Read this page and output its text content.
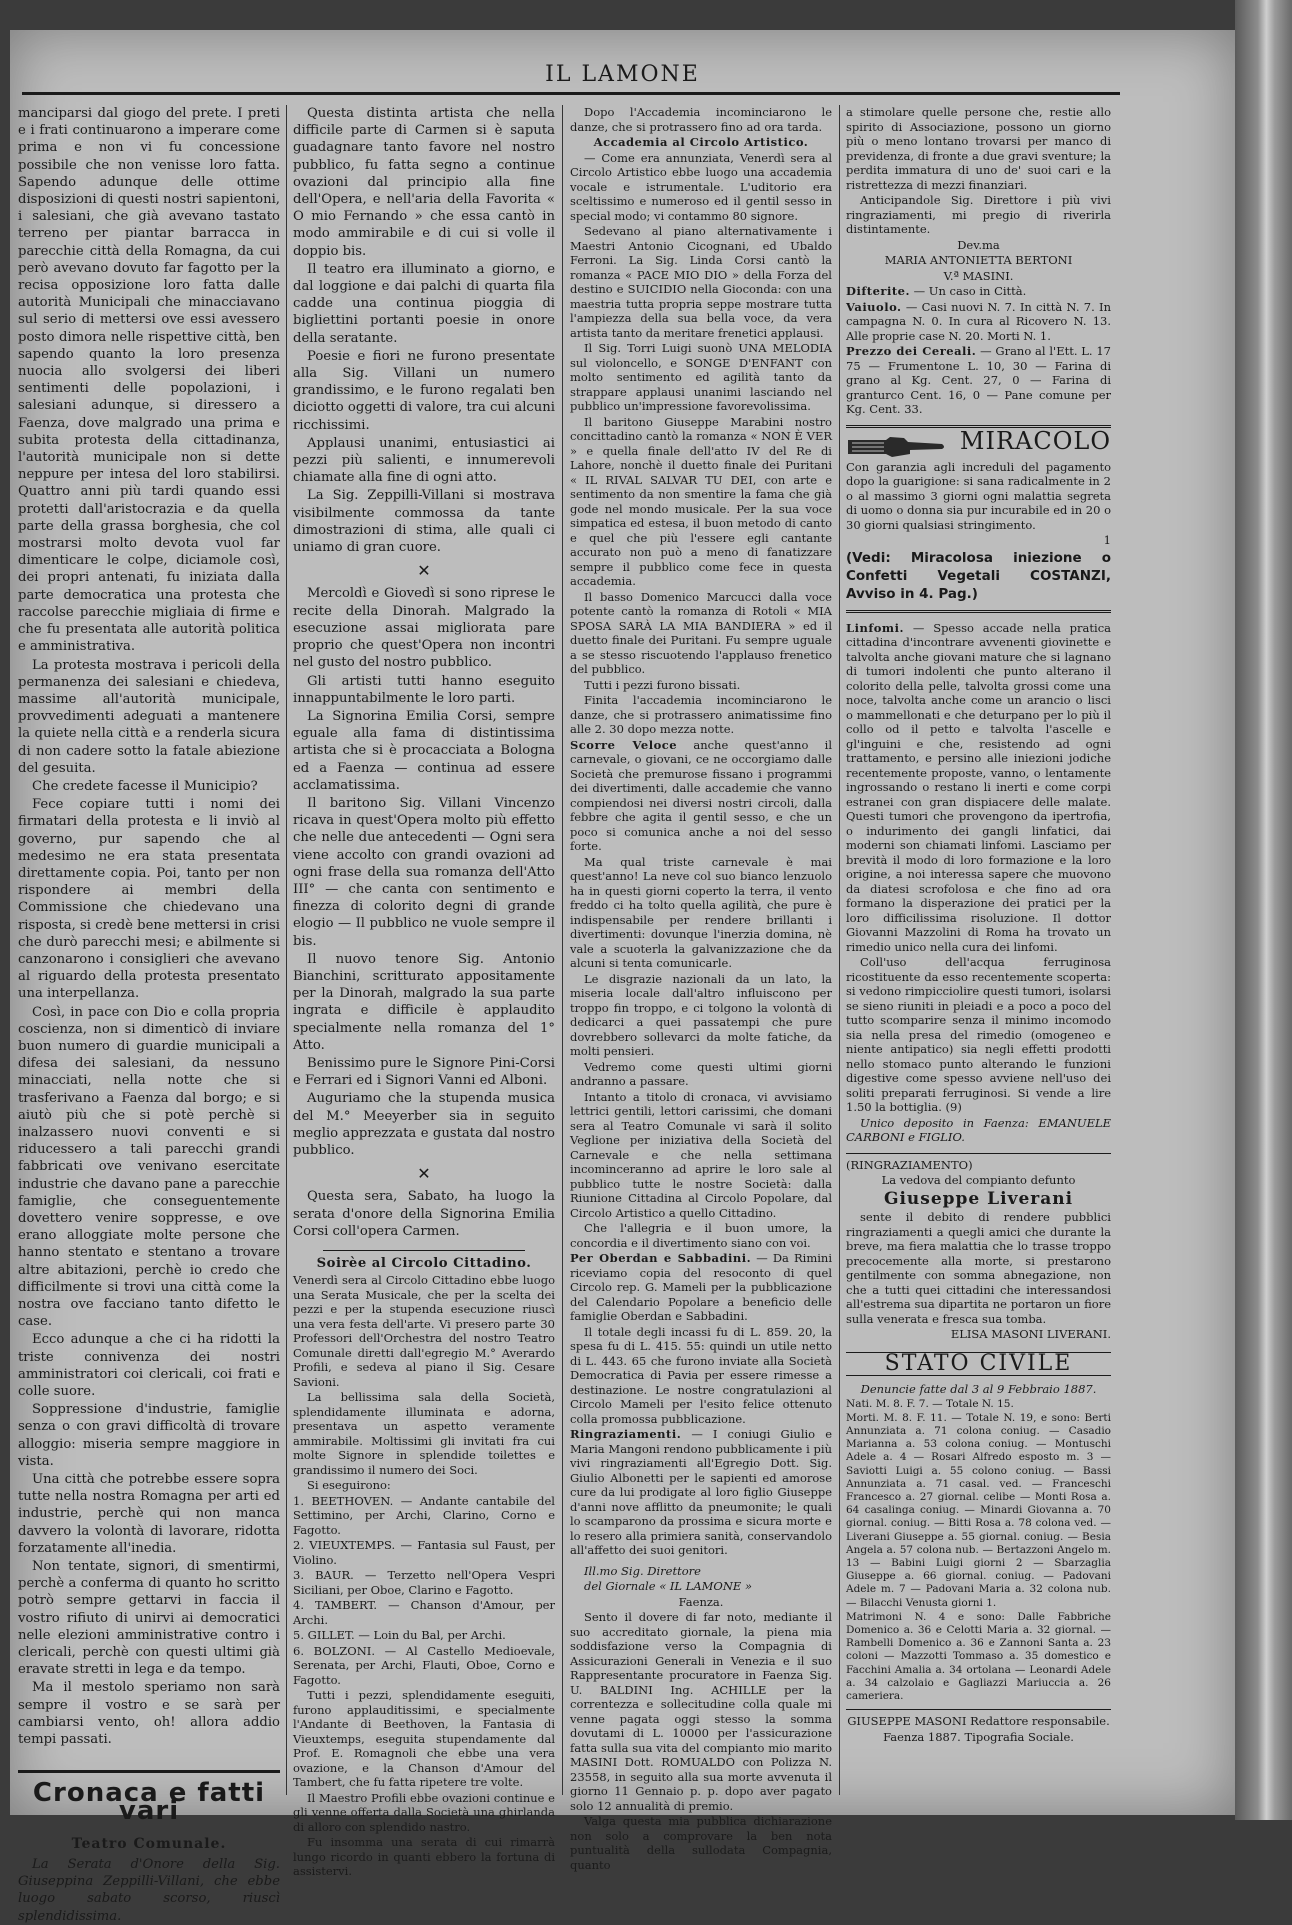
IL LAMONE

manciparsi dal giogo del prete. I preti e i frati continuarono a imperare come prima e non vi fu concessione possibile che non venisse loro fatta. Sapendo adunque delle ottime disposizioni di questi nostri sapientoni, i salesiani, che già avevano tastato terreno per piantar barracca in parecchie città della Romagna, da cui però avevano dovuto far fagotto per la recisa opposizione loro fatta dalle autorità Municipali che minacciavano sul serio di mettersi ove essi avessero posto dimora nelle rispettive città, ben sapendo quanto la loro presenza nuocia allo svolgersi dei liberi sentimenti delle popolazioni, i salesiani adunque, si diressero a Faenza, dove malgrado una prima e subita protesta della cittadinanza, l'autorità municipale non si dette neppure per intesa del loro stabilirsi. Quattro anni più tardi quando essi protetti dall'aristocrazia e da quella parte della grassa borghesia, che col mostrarsi molto devota vuol far dimenticare le colpe, diciamole così, dei propri antenati, fu iniziata dalla parte democratica una protesta che raccolse parecchie migliaia di firme e che fu presentata alle autorità politica e amministrativa.

La protesta mostrava i pericoli della permanenza dei salesiani e chiedeva, massime all'autorità municipale, provvedimenti adeguati a mantenere la quiete nella città e a renderla sicura di non cadere sotto la fatale abiezione del gesuita.

Che credete facesse il Municipio?

Fece copiare tutti i nomi dei firmatari della protesta e li inviò al governo, pur sapendo che al medesimo ne era stata presentata direttamente copia. Poi, tanto per non rispondere ai membri della Commissione che chiedevano una risposta, si credè bene mettersi in crisi che durò parecchi mesi; e abilmente si canzonarono i consiglieri che avevano al riguardo della protesta presentato una interpellanza.

Così, in pace con Dio e colla propria coscienza, non si dimenticò di inviare buon numero di guardie municipali a difesa dei salesiani, da nessuno minacciati, nella notte che si trasferivano a Faenza dal borgo; e si aiutò più che si potè perchè si inalzassero nuovi conventi e si riducessero a tali parecchi grandi fabbricati ove venivano esercitate industrie che davano pane a parecchie famiglie, che conseguentemente dovettero venire soppresse, e ove erano alloggiate molte persone che hanno stentato e stentano a trovare altre abitazioni, perchè io credo che difficilmente si trovi una città come la nostra ove facciano tanto difetto le case.

Ecco adunque a che ci ha ridotti la triste connivenza dei nostri amministratori coi clericali, coi frati e colle suore.

Soppressione d'industrie, famiglie senza o con gravi difficoltà di trovare alloggio: miseria sempre maggiore in vista.

Una città che potrebbe essere sopra tutte nella nostra Romagna per arti ed industrie, perchè qui non manca davvero la volontà di lavorare, ridotta forzatamente all'inedia.

Non tentate, signori, di smentirmi, perchè a conferma di quanto ho scritto potrò sempre gettarvi in faccia il vostro rifiuto di unirvi ai democratici nelle elezioni amministrative contro i clericali, perchè con questi ultimi già eravate stretti in lega e da tempo.

Ma il mestolo speriamo non sarà sempre il vostro e se sarà per cambiarsi vento, oh! allora addio tempi passati.

Cronaca e fatti vari
Teatro Comunale.

La Serata d'Onore della Sig. Giuseppina Zeppilli-Villani, che ebbe luogo sabato scorso, riuscì splendidissima.

Questa distinta artista che nella difficile parte di Carmen si è saputa guadagnare tanto favore nel nostro pubblico, fu fatta segno a continue ovazioni dal principio alla fine dell'Opera, e nell'aria della Favorita « O mio Fernando » che essa cantò in modo ammirabile e di cui si volle il doppio bis.

Il teatro era illuminato a giorno, e dal loggione e dai palchi di quarta fila cadde una continua pioggia di bigliettini portanti poesie in onore della seratante.

Poesie e fiori ne furono presentate alla Sig. Villani un numero grandissimo, e le furono regalati ben diciotto oggetti di valore, tra cui alcuni ricchissimi.

Applausi unanimi, entusiastici ai pezzi più salienti, e innumerevoli chiamate alla fine di ogni atto.

La Sig. Zeppilli-Villani si mostrava visibilmente commossa da tante dimostrazioni di stima, alle quali ci uniamo di gran cuore.

✕

Mercoldì e Giovedì si sono riprese le recite della Dinorah. Malgrado la esecuzione assai migliorata pare proprio che quest'Opera non incontri nel gusto del nostro pubblico.

Gli artisti tutti hanno eseguito innappuntabilmente le loro parti.

La Signorina Emilia Corsi, sempre eguale alla fama di distintissima artista che si è procacciata a Bologna ed a Faenza — continua ad essere acclamatissima.

Il baritono Sig. Villani Vincenzo ricava in quest'Opera molto più effetto che nelle due antecedenti — Ogni sera viene accolto con grandi ovazioni ad ogni frase della sua romanza dell'Atto III° — che canta con sentimento e finezza di colorito degni di grande elogio — Il pubblico ne vuole sempre il bis.

Il nuovo tenore Sig. Antonio Bianchini, scritturato appositamente per la Dinorah, malgrado la sua parte ingrata e difficile è applaudito specialmente nella romanza del 1° Atto.

Benissimo pure le Signore Pini-Corsi e Ferrari ed i Signori Vanni ed Alboni.

Auguriamo che la stupenda musica del M.° Meeyerber sia in seguito meglio apprezzata e gustata dal nostro pubblico.

✕

Questa sera, Sabato, ha luogo la serata d'onore della Signorina Emilia Corsi coll'opera Carmen.

Soirèe al Circolo Cittadino.

Venerdì sera al Circolo Cittadino ebbe luogo una Serata Musicale, che per la scelta dei pezzi e per la stupenda esecuzione riuscì una vera festa dell'arte. Vi presero parte 30 Professori dell'Orchestra del nostro Teatro Comunale diretti dall'egregio M.° Averardo Profili, e sedeva al piano il Sig. Cesare Savioni.

La bellissima sala della Società, splendidamente illuminata e adorna, presentava un aspetto veramente ammirabile. Moltissimi gli invitati fra cui molte Signore in splendide toilettes e grandissimo il numero dei Soci.

Si eseguirono:

1. BEETHOVEN. — Andante cantabile del Settimino, per Archi, Clarino, Corno e Fagotto.

2. VIEUXTEMPS. — Fantasia sul Faust, per Violino.

3. BAUR. — Terzetto nell'Opera Vespri Siciliani, per Oboe, Clarino e Fagotto.

4. TAMBERT. — Chanson d'Amour, per Archi.

5. GILLET. — Loin du Bal, per Archi.

6. BOLZONI. — Al Castello Medioevale, Serenata, per Archi, Flauti, Oboe, Corno e Fagotto.

Tutti i pezzi, splendidamente eseguiti, furono applauditissimi, e specialmente l'Andante di Beethoven, la Fantasia di Vieuxtemps, eseguita stupendamente dal Prof. E. Romagnoli che ebbe una vera ovazione, e la Chanson d'Amour del Tambert, che fu fatta ripetere tre volte.

Il Maestro Profili ebbe ovazioni continue e gli venne offerta dalla Società una ghirlanda di alloro con splendido nastro.

Fu insomma una serata di cui rimarrà lungo ricordo in quanti ebbero la fortuna di assistervi.

Dopo l'Accademia incominciarono le danze, che si protrassero fino ad ora tarda.

Accademia al Circolo Artistico.

— Come era annunziata, Venerdì sera al Circolo Artistico ebbe luogo una accademia vocale e istrumentale. L'uditorio era sceltissimo e numeroso ed il gentil sesso in special modo; vi contammo 80 signore.

Sedevano al piano alternativamente i Maestri Antonio Cicognani, ed Ubaldo Ferroni. La Sig. Linda Corsi cantò la romanza « PACE MIO DIO » della Forza del destino e SUICIDIO nella Gioconda: con una maestria tutta propria seppe mostrare tutta l'ampiezza della sua bella voce, da vera artista tanto da meritare frenetici applausi.

Il Sig. Torri Luigi suonò UNA MELODIA sul violoncello, e SONGE D'ENFANT con molto sentimento ed agilità tanto da strappare applausi unanimi lasciando nel pubblico un'impressione favorevolissima.

Il baritono Giuseppe Marabini nostro concittadino cantò la romanza « NON È VER » e quella finale dell'atto IV del Re di Lahore, nonchè il duetto finale dei Puritani « IL RIVAL SALVAR TU DEI, con arte e sentimento da non smentire la fama che già gode nel mondo musicale. Per la sua voce simpatica ed estesa, il buon metodo di canto e quel che più l'essere egli cantante accurato non può a meno di fanatizzare sempre il pubblico come fece in questa accademia.

Il basso Domenico Marcucci dalla voce potente cantò la romanza di Rotoli « MIA SPOSA SARÀ LA MIA BANDIERA » ed il duetto finale dei Puritani. Fu sempre uguale a se stesso riscuotendo l'applauso frenetico del pubblico.

Tutti i pezzi furono bissati.

Finita l'accademia incominciarono le danze, che si protrassero animatissime fino alle 2. 30 dopo mezza notte.

Scorre Veloce anche quest'anno il carnevale, o giovani, ce ne occorgiamo dalle Società che premurose fissano i programmi dei divertimenti, dalle accademie che vanno compiendosi nei diversi nostri circoli, dalla febbre che agita il gentil sesso, e che un poco si comunica anche a noi del sesso forte.

Ma qual triste carnevale è mai quest'anno! La neve col suo bianco lenzuolo ha in questi giorni coperto la terra, il vento freddo ci ha tolto quella agilità, che pure è indispensabile per rendere brillanti i divertimenti: dovunque l'inerzia domina, nè vale a scuoterla la galvanizzazione che da alcuni si tenta comunicarle.

Le disgrazie nazionali da un lato, la miseria locale dall'altro influiscono per troppo fin troppo, e ci tolgono la volontà di dedicarci a quei passatempi che pure dovrebbero sollevarci da molte fatiche, da molti pensieri.

Vedremo come questi ultimi giorni andranno a passare.

Intanto a titolo di cronaca, vi avvisiamo lettrici gentili, lettori carissimi, che domani sera al Teatro Comunale vi sarà il solito Veglione per iniziativa della Società del Carnevale e che nella settimana incominceranno ad aprire le loro sale al pubblico tutte le nostre Società: dalla Riunione Cittadina al Circolo Popolare, dal Circolo Artistico a quello Cittadino.

Che l'allegria e il buon umore, la concordia e il divertimento siano con voi.

Per Oberdan e Sabbadini. — Da Rimini riceviamo copia del resoconto di quel Circolo rep. G. Mameli per la pubblicazione del Calendario Popolare a beneficio delle famiglie Oberdan e Sabbadini.

Il totale degli incassi fu di L. 859. 20, la spesa fu di L. 415. 55: quindi un utile netto di L. 443. 65 che furono inviate alla Società Democratica di Pavia per essere rimesse a destinazione. Le nostre congratulazioni al Circolo Mameli per l'esito felice ottenuto colla promossa pubblicazione.

Ringraziamenti. — I coniugi Giulio e Maria Mangoni rendono pubblicamente i più vivi ringraziamenti all'Egregio Dott. Sig. Giulio Albonetti per le sapienti ed amorose cure da lui prodigate al loro figlio Giuseppe d'anni nove afflitto da pneumonite; le quali lo scamparono da prossima e sicura morte e lo resero alla primiera sanità, conservandolo all'affetto dei suoi genitori.

Ill.mo Sig. Direttore

del Giornale « IL LAMONE »

Faenza.

Sento il dovere di far noto, mediante il suo accreditato giornale, la piena mia soddisfazione verso la Compagnia di Assicurazioni Generali in Venezia e il suo Rappresentante procuratore in Faenza Sig. U. BALDINI Ing. ACHILLE per la correntezza e sollecitudine colla quale mi venne pagata oggi stesso la somma dovutami di L. 10000 per l'assicurazione fatta sulla sua vita del compianto mio marito MASINI Dott. ROMUALDO con Polizza N. 23558, in seguito alla sua morte avvenuta il giorno 11 Gennaio p. p. dopo aver pagato solo 12 annualità di premio.

Valga questa mia pubblica dichiarazione non solo a comprovare la ben nota puntualità della sullodata Compagnia, quanto

a stimolare quelle persone che, restie allo spirito di Associazione, possono un giorno più o meno lontano trovarsi per manco di previdenza, di fronte a due gravi sventure; la perdita immatura di uno de' suoi cari e la ristrettezza di mezzi finanziari.

Anticipandole Sig. Direttore i più vivi ringraziamenti, mi pregio di riverirla distintamente.

Dev.ma

MARIA ANTONIETTA BERTONI

V.ª MASINI.

Difterite. — Un caso in Città.

Vaiuolo. — Casi nuovi N. 7. In città N. 7. In campagna N. 0. In cura al Ricovero N. 13. Alle proprie case N. 20. Morti N. 1.

Prezzo dei Cereali. — Grano al l'Ett. L. 17 75 — Frumentone L. 10, 30 — Farina di grano al Kg. Cent. 27, 0 — Farina di granturco Cent. 16, 0 — Pane comune per Kg. Cent. 33.

MIRACOLO

Con garanzia agli increduli del pagamento dopo la guarigione: si sana radicalmente in 2 o al massimo 3 giorni ogni malattia segreta di uomo o donna sia pur incurabile ed in 20 o 30 giorni qualsiasi stringimento.

1

(Vedi: Miracolosa iniezione o Confetti Vegetali COSTANZI, Avviso in 4. Pag.)

Linfomi. — Spesso accade nella pratica cittadina d'incontrare avvenenti giovinette e talvolta anche giovani mature che si lagnano di tumori indolenti che punto alterano il colorito della pelle, talvolta grossi come una noce, talvolta anche come un arancio o lisci o mammellonati e che deturpano per lo più il collo od il petto e talvolta l'ascelle e gl'inguini e che, resistendo ad ogni trattamento, e persino alle iniezioni jodiche recentemente proposte, vanno, o lentamente ingrossando o restano li inerti e come corpi estranei con gran dispiacere delle malate. Questi tumori che provengono da ipertrofia, o indurimento dei gangli linfatici, dai moderni son chiamati linfomi. Lasciamo per brevità il modo di loro formazione e la loro origine, a noi interessa sapere che muovono da diatesi scrofolosa e che fino ad ora formano la disperazione dei pratici per la loro difficilissima risoluzione. Il dottor Giovanni Mazzolini di Roma ha trovato un rimedio unico nella cura dei linfomi.

Coll'uso dell'acqua ferruginosa ricostituente da esso recentemente scoperta: si vedono rimpicciolire questi tumori, isolarsi se sieno riuniti in pleiadi e a poco a poco del tutto scomparire senza il minimo incomodo sia nella presa del rimedio (omogeneo e niente antipatico) sia negli effetti prodotti nello stomaco punto alterando le funzioni digestive come spesso avviene nell'uso dei soliti preparati ferruginosi. Si vende a lire 1.50 la bottiglia. (9)

Unico deposito in Faenza: EMANUELE CARBONI e FIGLIO.

(RINGRAZIAMENTO)

La vedova del compianto defunto

Giuseppe Liverani

sente il debito di rendere pubblici ringraziamenti a quegli amici che durante la breve, ma fiera malattia che lo trasse troppo precocemente alla morte, si prestarono gentilmente con somma abnegazione, non che a tutti quei cittadini che interessandosi all'estrema sua dipartita ne portaron un fiore sulla venerata e fresca sua tomba.

ELISA MASONI LIVERANI.

STATO CIVILE

Denuncie fatte dal 3 al 9 Febbraio 1887.

Nati. M. 8. F. 7. — Totale N. 15.

Morti. M. 8. F. 11. — Totale N. 19, e sono: Berti Annunziata a. 71 colona coniug. — Casadio Marianna a. 53 colona coniug. — Montuschi Adele a. 4 — Rosari Alfredo esposto m. 3 — Saviotti Luigi a. 55 colono coniug. — Bassi Annunziata a. 71 casal. ved. — Franceschi Francesco a. 27 giornal. celibe — Monti Rosa a. 64 casalinga coniug. — Minardi Giovanna a. 70 giornal. coniug. — Bitti Rosa a. 78 colona ved. — Liverani Giuseppe a. 55 giornal. coniug. — Besia Angela a. 57 colona nub. — Bertazzoni Angelo m. 13 — Babini Luigi giorni 2 — Sbarzaglia Giuseppe a. 66 giornal. coniug. — Padovani Adele m. 7 — Padovani Maria a. 32 colona nub. — Bilacchi Venusta giorni 1.

Matrimoni N. 4 e sono: Dalle Fabbriche Domenico a. 36 e Celotti Maria a. 32 giornal. — Rambelli Domenico a. 36 e Zannoni Santa a. 23 coloni — Mazzotti Tommaso a. 35 domestico e Facchini Amalia a. 34 ortolana — Leonardi Adele a. 34 calzolaio e Gagliazzi Mariuccia a. 26 cameriera.

GIUSEPPE MASONI Redattore responsabile.

Faenza 1887. Tipografia Sociale.
